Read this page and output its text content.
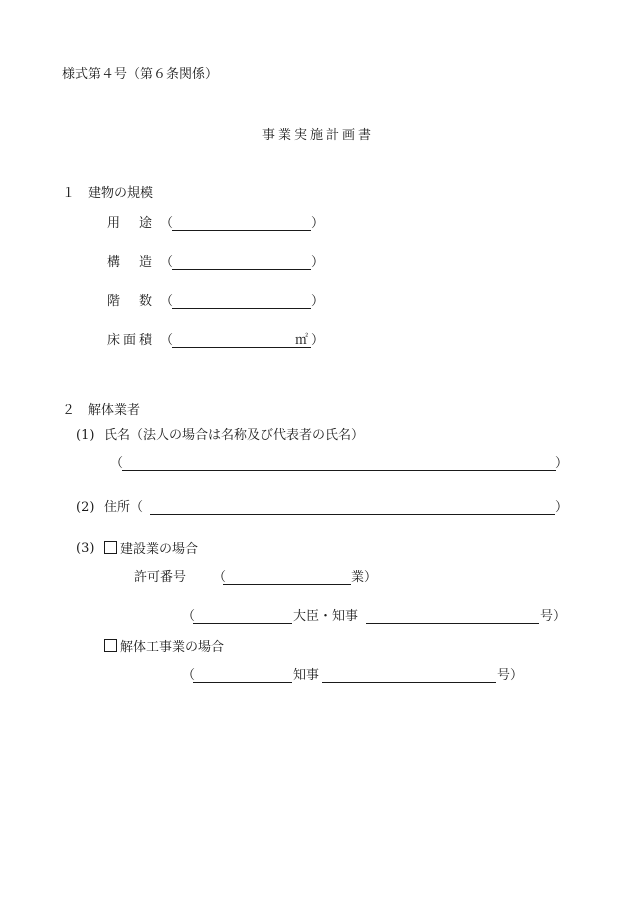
様式第４号（第６条関係）
事業実施計画書
１　建物の規模
用　途 （	）
構　造 （	）
階　数 （	）
床面積 （	㎡ ）
２　解体業者
(1) 氏名（法人の場合は名称及び代表者の氏名）
（	）
(2) 住所（	）
(3)	建設業の場合
許可番号 （	業）
（	大臣・知事	号）
解体工事業の場合
（	知事	号）
